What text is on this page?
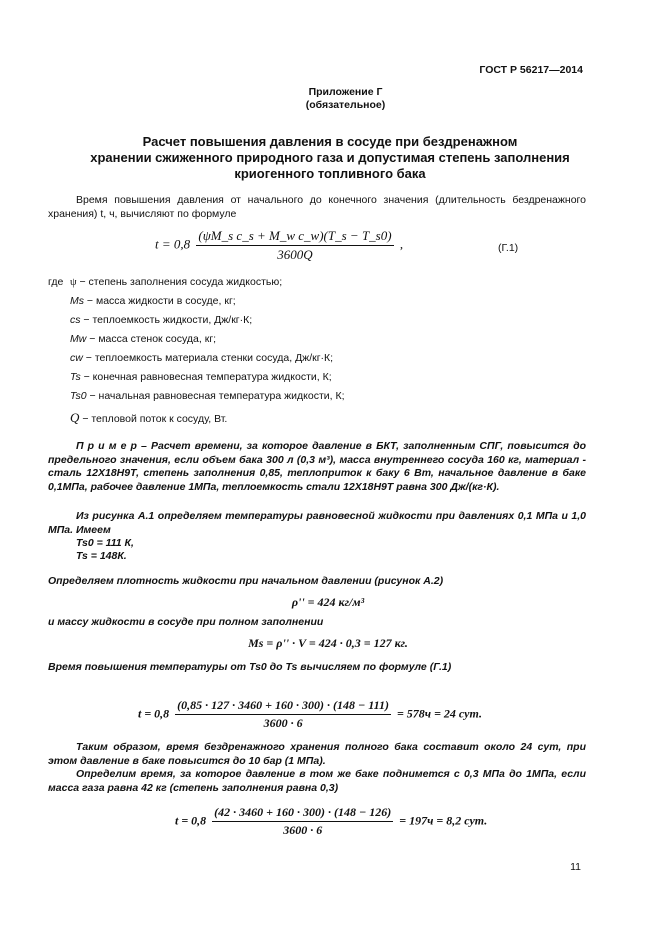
ГОСТ Р 56217—2014
Приложение Г
(обязательное)
Расчет повышения давления в сосуде при бездренажном
хранении сжиженного природного газа и допустимая степень заполнения
криогенного топливного бака
Время повышения давления от начального до конечного значения (длительность бездренажного хранения) t, ч, вычисляют по формуле
$t = 0,8 \frac{\text{(ψM\_s c\_s + M\_w c\_w)(T\_s − T\_s0)}}{3600Q}$ ,	(Г.1)
где ψ − степень заполнения сосуда жидкостью;
Ms − масса жидкости в сосуде, кг;
cs − теплоемкость жидкости, Дж/кг·К;
Mw − масса стенок сосуда, кг;
cw − теплоемкость материала стенки сосуда, Дж/кг·К;
Ts − конечная равновесная температура жидкости, К;
Ts0 − начальная равновесная температура жидкости, К;
Q − тепловой поток к сосуду, Вт.
П р и м е р – Расчет времени, за которое давление в БКТ, заполненным СПГ, повысится до предельного значения, если объем бака 300 л (0,3 м³), масса внутреннего сосуда 160 кг, материал - сталь 12Х18Н9Т, степень заполнения 0,85, теплоприток к баку 6 Вт, начальное давление в баке 0,1МПа, рабочее давление 1МПа, теплоемкость стали 12Х18Н9Т равна 300 Дж/(кг·К).
Из рисунка А.1 определяем температуры равновесной жидкости при давлениях 0,1 МПа и 1,0 МПа. Имеем
Ts0 = 111 К,
Ts = 148К.
Определяем плотность жидкости при начальном давлении (рисунок А.2)
ρ'' = 424 кг/м³
и массу жидкости в сосуде при полном заполнении
Ms = ρ'' · V = 424 · 0,3 = 127 кг.
Время повышения температуры от Ts0 до Ts вычисляем по формуле (Г.1)
$t = 0,8 \frac{(0,85 \cdot 127 \cdot 3460 + 160 \cdot 300) \cdot (148 - 111)}{3600 \cdot 6} = 578ч = 24$ сут.
Таким образом, время бездренажного хранения полного бака составит около 24 сут, при этом давление в баке повысится до 10 бар (1 МПа).
Определим время, за которое давление в том же баке поднимется с 0,3 МПа до 1МПа, если масса газа равна 42 кг (степень заполнения равна 0,3)
$t = 0,8 \frac{(42 \cdot 3460 + 160 \cdot 300) \cdot (148 - 126)}{3600 \cdot 6} = 197ч = 8,2$ сут.
11
